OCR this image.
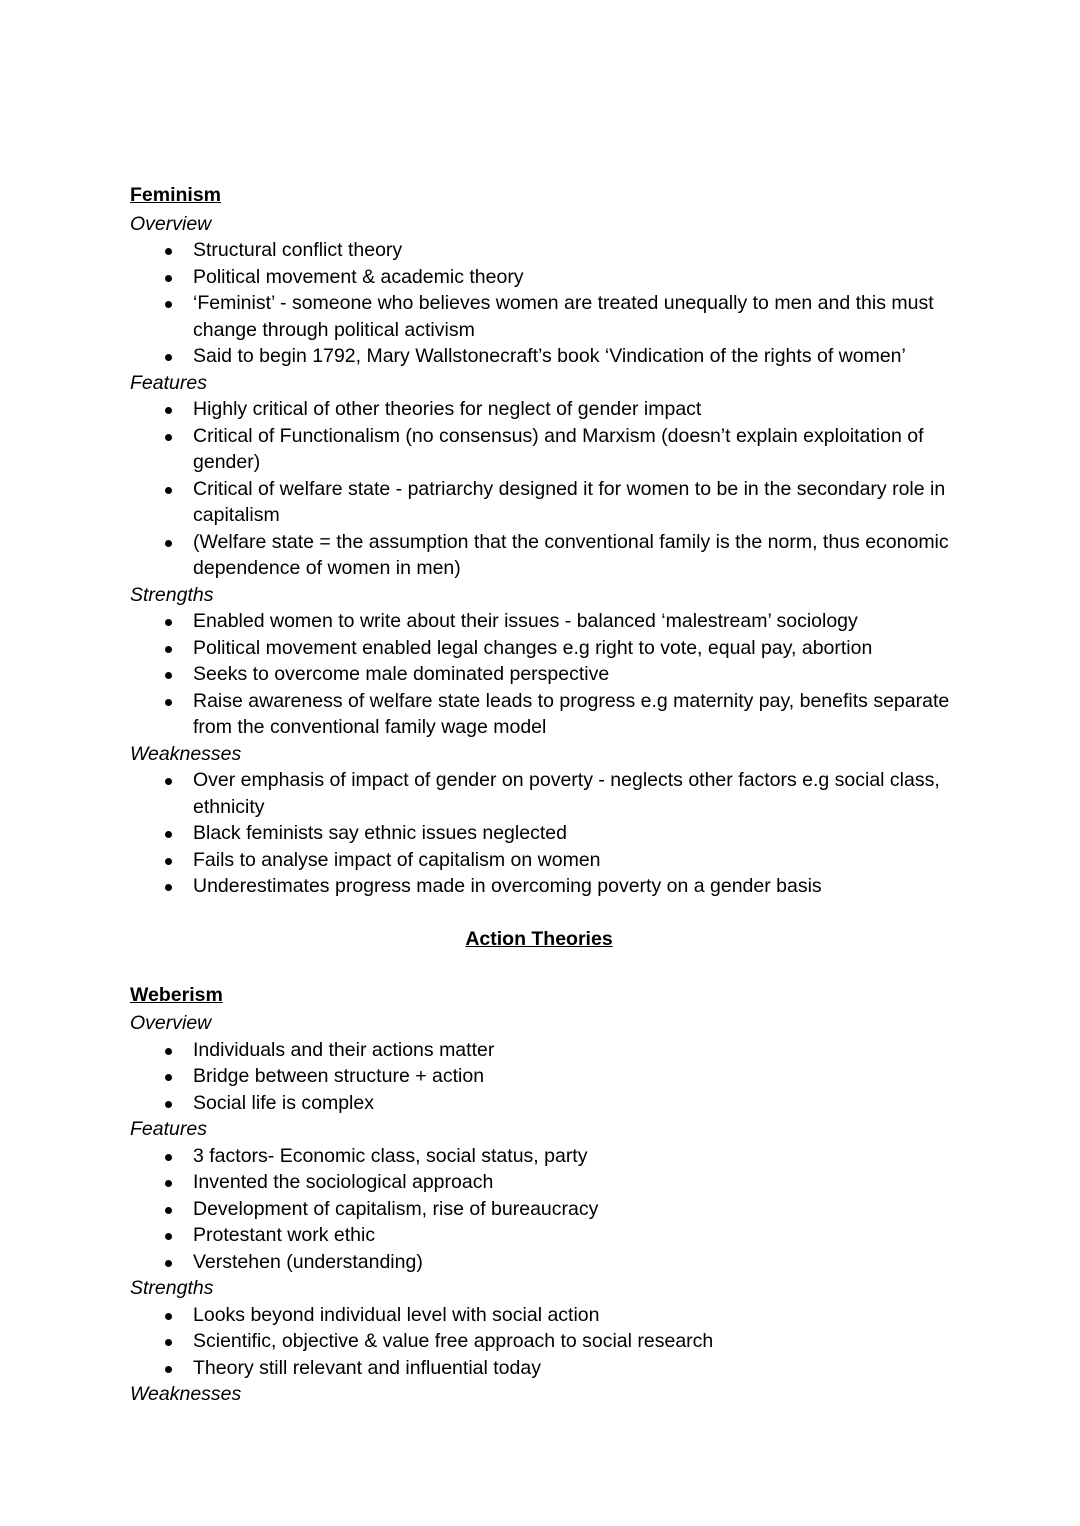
Feminism
Overview
Structural conflict theory
Political movement & academic theory
‘Feminist’ - someone who believes women are treated unequally to men and this must change through political activism
Said to begin 1792, Mary Wallstonecraft’s book ‘Vindication of the rights of women’
Features
Highly critical of other theories for neglect of gender impact
Critical of Functionalism (no consensus) and Marxism (doesn’t explain exploitation of gender)
Critical of welfare state - patriarchy designed it for women to be in the secondary role in capitalism
(Welfare state = the assumption that the conventional family is the norm, thus economic dependence of women in men)
Strengths
Enabled women to write about their issues - balanced ‘malestream’ sociology
Political movement enabled legal changes e.g right to vote, equal pay, abortion
Seeks to overcome male dominated perspective
Raise awareness of welfare state leads to progress e.g maternity pay, benefits separate from the conventional family wage model
Weaknesses
Over emphasis of impact of gender on poverty - neglects other factors e.g social class, ethnicity
Black feminists say ethnic issues neglected
Fails to analyse impact of capitalism on women
Underestimates progress made in overcoming poverty on a gender basis
Action Theories
Weberism
Overview
Individuals and their actions matter
Bridge between structure + action
Social life is complex
Features
3 factors- Economic class, social status, party
Invented the sociological approach
Development of capitalism, rise of bureaucracy
Protestant work ethic
Verstehen (understanding)
Strengths
Looks beyond individual level with social action
Scientific, objective & value free approach to social research
Theory still relevant and influential today
Weaknesses
